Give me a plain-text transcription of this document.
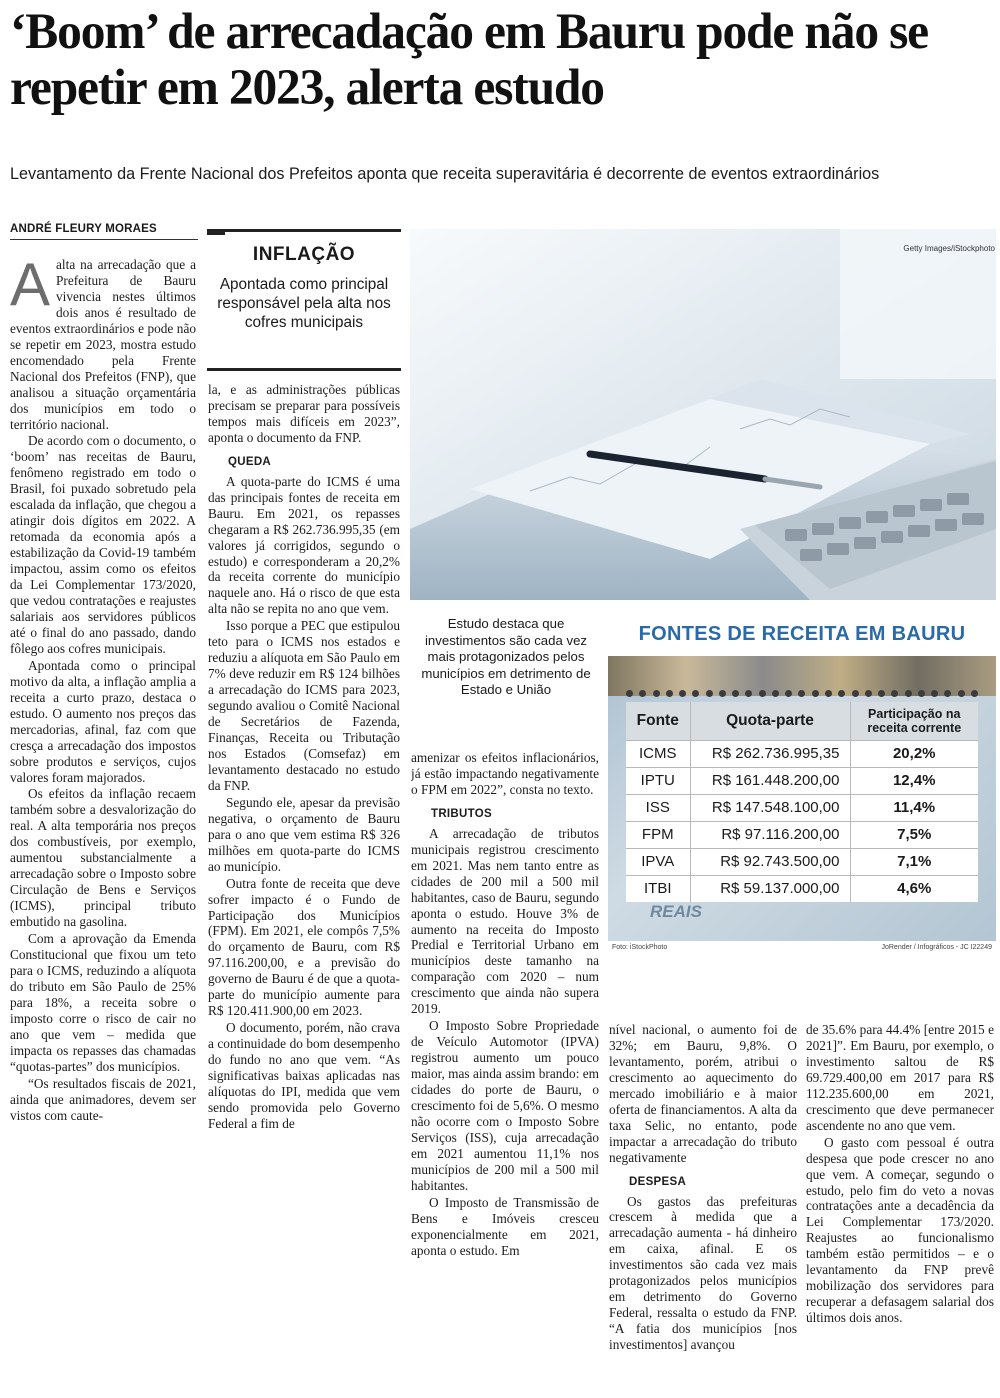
‘Boom’ de arrecadação em Bauru pode não se repetir em 2023, alerta estudo
Levantamento da Frente Nacional dos Prefeitos aponta que receita superavitária é decorrente de eventos extraordinários
ANDRÉ FLEURY MORAES

Aalta na arrecadação que a Prefeitura de Bauru vivencia nestes últimos dois anos é resultado de eventos extraordinários e pode não se repetir em 2023, mostra estudo encomendado pela Frente Nacional dos Prefeitos (FNP), que analisou a situação orçamentária dos municípios em todo o território nacional.

De acordo com o documento, o ‘boom’ nas receitas de Bauru, fenômeno registrado em todo o Brasil, foi puxado sobretudo pela escalada da inflação, que chegou a atingir dois dígitos em 2022. A retomada da economia após a estabilização da Covid-19 também impactou, assim como os efeitos da Lei Complementar 173/2020, que vedou contratações e reajustes salariais aos servidores públicos até o final do ano passado, dando fôlego aos cofres municipais.

Apontada como o principal motivo da alta, a inflação amplia a receita a curto prazo, destaca o estudo. O aumento nos preços das mercadorias, afinal, faz com que cresça a arrecadação dos impostos sobre produtos e serviços, cujos valores foram majorados.

Os efeitos da inflação recaem também sobre a desvalorização do real. A alta temporária nos preços dos combustíveis, por exemplo, aumentou substancialmente a arrecadação sobre o Imposto sobre Circulação de Bens e Serviços (ICMS), principal tributo embutido na gasolina.

Com a aprovação da Emenda Constitucional que fixou um teto para o ICMS, reduzindo a alíquota do tributo em São Paulo de 25% para 18%, a receita sobre o imposto corre o risco de cair no ano que vem – medida que impacta os repasses das chamadas “quotas-partes” dos municípios.

“Os resultados fiscais de 2021, ainda que animadores, devem ser vistos com caute-

INFLAÇÃO
Apontada como principal responsável pela alta nos cofres municipais

la, e as administrações públicas precisam se preparar para possíveis tempos mais difíceis em 2023”, aponta o documento da FNP.

QUEDA

A quota-parte do ICMS é uma das principais fontes de receita em Bauru. Em 2021, os repasses chegaram a R$ 262.736.995,35 (em valores já corrigidos, segundo o estudo) e corresponderam a 20,2% da receita corrente do município naquele ano. Há o risco de que esta alta não se repita no ano que vem.

Isso porque a PEC que estipulou teto para o ICMS nos estados e reduziu a alíquota em São Paulo em 7% deve reduzir em R$ 124 bilhões a arrecadação do ICMS para 2023, segundo avaliou o Comitê Nacional de Secretários de Fazenda, Finanças, Receita ou Tributação nos Estados (Comsefaz) em levantamento destacado no estudo da FNP.

Segundo ele, apesar da previsão negativa, o orçamento de Bauru para o ano que vem estima R$ 326 milhões em quota-parte do ICMS ao município.

Outra fonte de receita que deve sofrer impacto é o Fundo de Participação dos Municípios (FPM). Em 2021, ele compôs 7,5% do orçamento de Bauru, com R$ 97.116.200,00, e a previsão do governo de Bauru é de que a quota-parte do município aumente para R$ 120.411.900,00 em 2023.

O documento, porém, não crava a continuidade do bom desempenho do fundo no ano que vem. “As significativas baixas aplicadas nas alíquotas do IPI, medida que vem sendo promovida pelo Governo Federal a fim de

Getty Images/iStockphoto
Estudo destaca que investimentos são cada vez mais protagonizados pelos municípios em detrimento de Estado e União

amenizar os efeitos inflacionários, já estão impactando negativamente o FPM em 2022”, consta no texto.

TRIBUTOS

A arrecadação de tributos municipais registrou crescimento em 2021. Mas nem tanto entre as cidades de 200 mil a 500 mil habitantes, caso de Bauru, segundo aponta o estudo. Houve 3% de aumento na receita do Imposto Predial e Territorial Urbano em municípios deste tamanho na comparação com 2020 – num crescimento que ainda não supera 2019.

O Imposto Sobre Propriedade de Veículo Automotor (IPVA) registrou aumento um pouco maior, mas ainda assim brando: em cidades do porte de Bauru, o crescimento foi de 5,6%. O mesmo não ocorre com o Imposto Sobre Serviços (ISS), cuja arrecadação em 2021 aumentou 11,1% nos municípios de 200 mil a 500 mil habitantes.

O Imposto de Transmissão de Bens e Imóveis cresceu exponencialmente em 2021, aponta o estudo. Em

FONTES DE RECEITA EM BAURU
Fonte	Quota-parte	Participação na receita corrente
ICMS	R$ 262.736.995,35	20,2%
IPTU	R$ 161.448.200,00	12,4%
ISS	R$ 147.548.100,00	11,4%
FPM	R$ 97.116.200,00	7,5%
IPVA	R$ 92.743.500,00	7,1%
ITBI	R$ 59.137.000,00	4,6%
REAIS
Foto: iStockPhoto	JoRender / Infográficos - JC I22249

nível nacional, o aumento foi de 32%; em Bauru, 9,8%. O levantamento, porém, atribui o crescimento ao aquecimento do mercado imobiliário e à maior oferta de financiamentos. A alta da taxa Selic, no entanto, pode impactar a arrecadação do tributo negativamente

DESPESA

Os gastos das prefeituras crescem à medida que a arrecadação aumenta - há dinheiro em caixa, afinal. E os investimentos são cada vez mais protagonizados pelos municípios em detrimento do Governo Federal, ressalta o estudo da FNP. “A fatia dos municípios [nos investimentos] avançou

de 35.6% para 44.4% [entre 2015 e 2021]”. Em Bauru, por exemplo, o investimento saltou de R$ 69.729.400,00 em 2017 para R$ 112.235.600,00 em 2021, crescimento que deve permanecer ascendente no ano que vem.

O gasto com pessoal é outra despesa que pode crescer no ano que vem. A começar, segundo o estudo, pelo fim do veto a novas contratações ante a decadência da Lei Complementar 173/2020. Reajustes ao funcionalismo também estão permitidos – e o levantamento da FNP prevê mobilização dos servidores para recuperar a defasagem salarial dos últimos dois anos.
